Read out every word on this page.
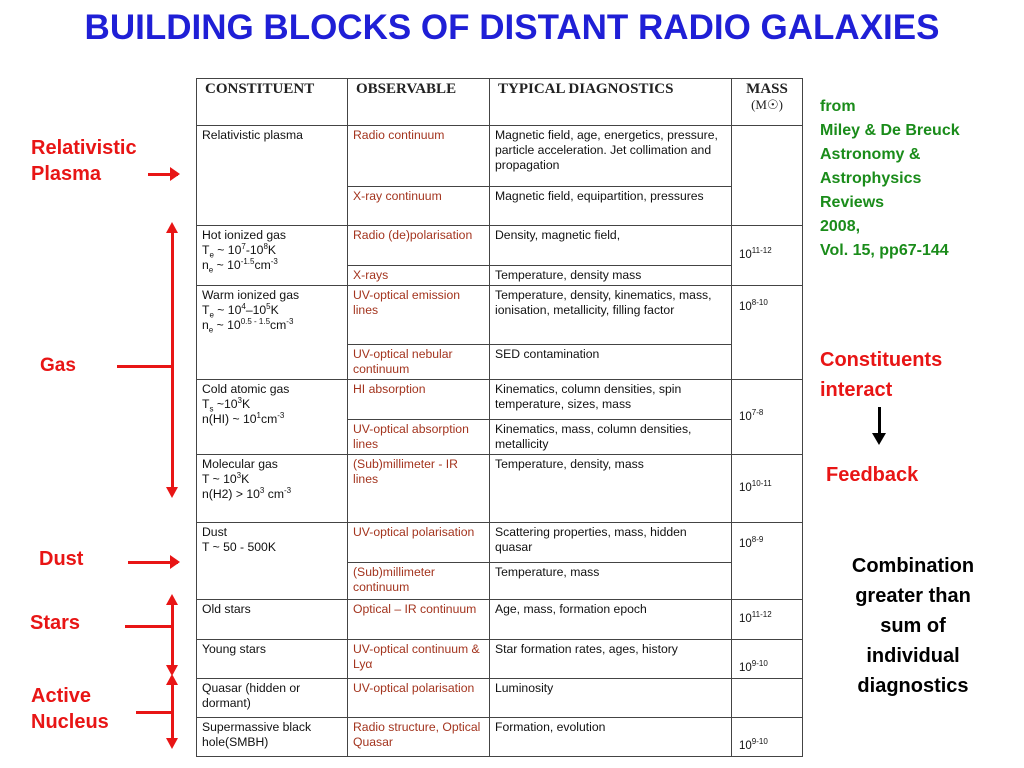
BUILDING BLOCKS OF DISTANT RADIO GALAXIES
CONSTITUENT	OBSERVABLE	TYPICAL DIAGNOSTICS	MASS
(M☉)

Relativistic plasma	Radio continuum	Magnetic field, age, energetics, pressure, particle acceleration. Jet collimation and propagation	
	X-ray continuum	Magnetic field, equipartition, pressures	
Hot ionized gas
$T_e$ ~ $10^7-10^8K$
$n_e$ ~ $10^{-1.5}cm^{-3}$	Radio (de)polarisation	Density, magnetic field,	10$^{11-12}$
	X-rays	Temperature, density mass	
Warm ionized gas
$T_e$ ~ $10^4-10^5K$
$n_e$ ~ $10^{0.5 - 1.5}cm^{-3}$	UV-optical emission lines	Temperature, density, kinematics, mass, ionisation, metallicity, filling factor	10$^{8-10}$
	UV-optical nebular continuum	SED contamination	
Cold atomic gas
$T_s$ $\sim 10^3K$
n(HI) ~ $10^1cm^{-3}$	HI absorption	Kinematics, column densities, spin temperature, sizes, mass	10$^{7-8}$
	UV-optical absorption lines	Kinematics, mass, column densities, metallicity	
Molecular gas
T ~ $10^3K$
$n(H2) > 10^3$ $cm^{-3}$	(Sub)millimeter - IR lines	Temperature, density, mass	10$^{10-11}$
Dust
T ~ 50 - 500K	UV-optical polarisation	Scattering properties, mass, hidden quasar	10$^{8-9}$
	(Sub)millimeter continuum	Temperature, mass	
Old stars	Optical – IR continuum	Age, mass, formation epoch	10$^{11-12}$
Young stars	UV-optical continuum & Lyα	Star formation rates, ages, history	10$^{9-10}$
Quasar (hidden or dormant)	UV-optical polarisation	Luminosity	
Supermassive black hole(SMBH)	Radio structure, Optical Quasar	Formation, evolution	10$^{9-10}$
Relativistic
Plasma
Gas
Dust
Stars
Active
Nucleus
from
Miley & De Breuck
Astronomy &
Astrophysics
Reviews
2008,
Vol. 15, pp67-144
Constituents
interact
Feedback
Combination
greater than
sum of
individual
diagnostics
